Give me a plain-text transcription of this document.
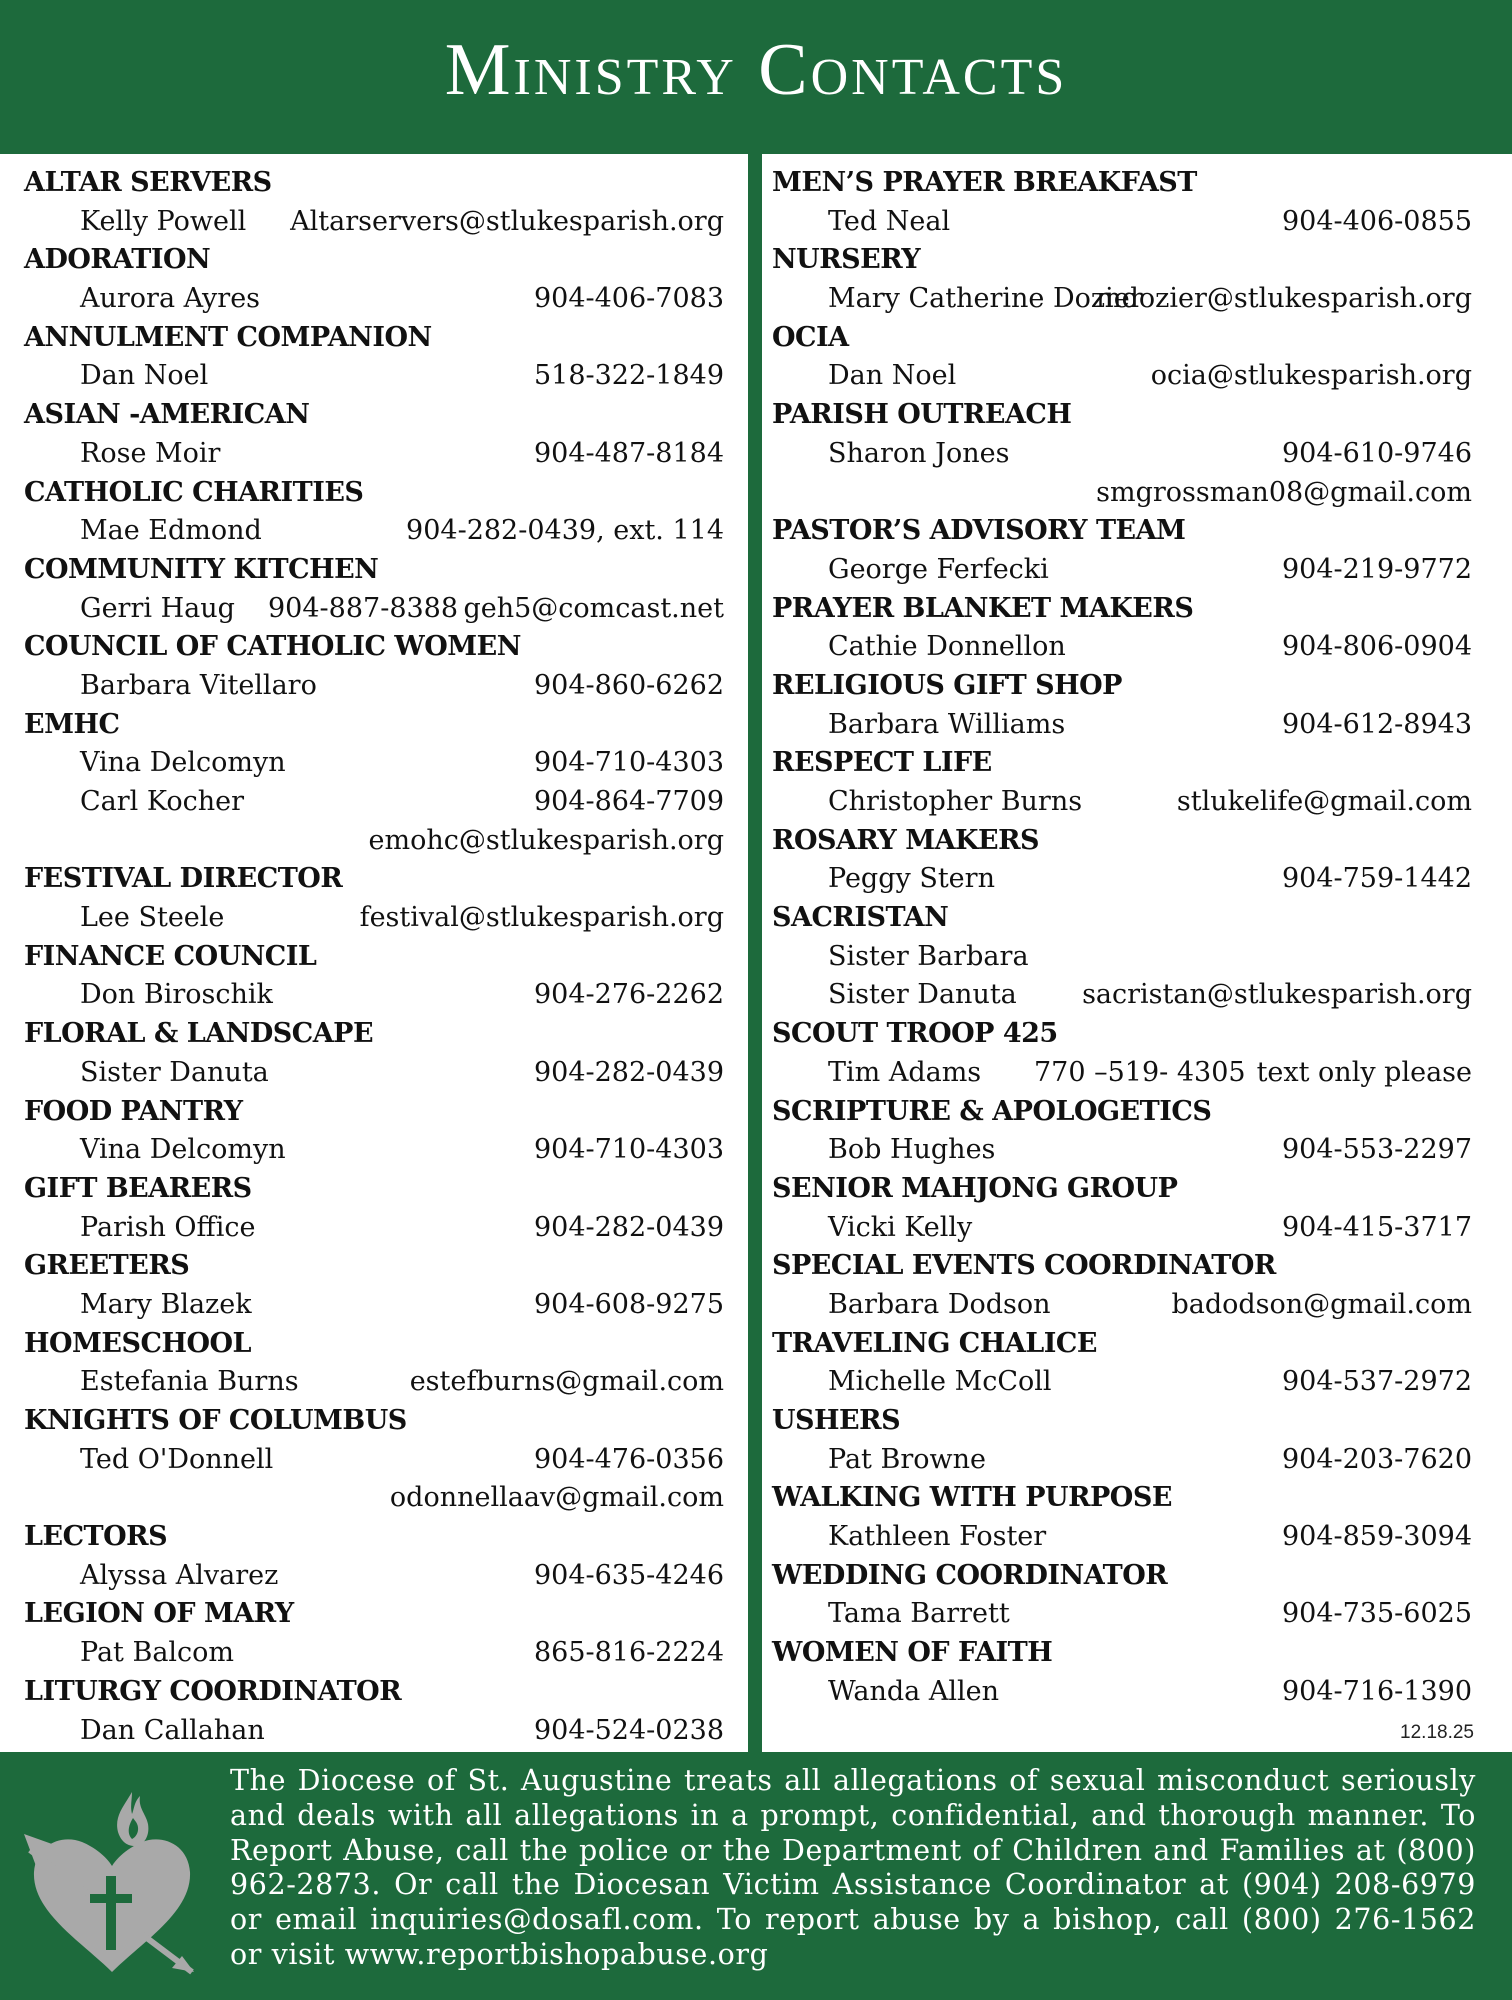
Ministry Contacts
ALTAR SERVERS
Kelly Powell Altarservers@stlukesparish.org
ADORATION
Aurora Ayres	904-406-7083
ANNULMENT COMPANION
Dan Noel	518-322-1849
ASIAN -AMERICAN
Rose Moir	904-487-8184
CATHOLIC CHARITIES
Mae Edmond	904-282-0439, ext. 114
COMMUNITY KITCHEN
Gerri Haug 904-887-8388 geh5@comcast.net
COUNCIL OF CATHOLIC WOMEN
Barbara Vitellaro	904-860-6262
EMHC
Vina Delcomyn	904-710-4303
Carl Kocher	904-864-7709
emohc@stlukesparish.org
FESTIVAL DIRECTOR
Lee Steele	festival@stlukesparish.org
FINANCE COUNCIL
Don Biroschik	904-276-2262
FLORAL & LANDSCAPE
Sister Danuta	904-282-0439
FOOD PANTRY
Vina Delcomyn	904-710-4303
GIFT BEARERS
Parish Office	904-282-0439
GREETERS
Mary Blazek	904-608-9275
HOMESCHOOL
Estefania Burns	estefburns@gmail.com
KNIGHTS OF COLUMBUS
Ted O'Donnell	904-476-0356
odonnellaav@gmail.com
LECTORS
Alyssa Alvarez	904-635-4246
LEGION OF MARY
Pat Balcom	865-816-2224
LITURGY COORDINATOR
Dan Callahan	904-524-0238
MEN’S PRAYER BREAKFAST
Ted Neal	904-406-0855
NURSERY
Mary Catherine Dozier
mdozier@stlukesparish.org
OCIA
Dan Noel	ocia@stlukesparish.org
PARISH OUTREACH
Sharon Jones	904-610-9746
smgrossman08@gmail.com
PASTOR’S ADVISORY TEAM
George Ferfecki	904-219-9772
PRAYER BLANKET MAKERS
Cathie Donnellon	904-806-0904
RELIGIOUS GIFT SHOP
Barbara Williams	904-612-8943
RESPECT LIFE
Christopher Burns	stlukelife@gmail.com
ROSARY MAKERS
Peggy Stern	904-759-1442
SACRISTAN
Sister Barbara
Sister Danuta sacristan@stlukesparish.org
SCOUT TROOP 425
Tim Adams 770 –519- 4305 text only please
SCRIPTURE & APOLOGETICS
Bob Hughes	904-553-2297
SENIOR MAHJONG GROUP
Vicki Kelly	904-415-3717
SPECIAL EVENTS COORDINATOR
Barbara Dodson	badodson@gmail.com
TRAVELING CHALICE
Michelle McColl	904-537-2972
USHERS
Pat Browne	904-203-7620
WALKING WITH PURPOSE
Kathleen Foster	904-859-3094
WEDDING COORDINATOR
Tama Barrett	904-735-6025
WOMEN OF FAITH
Wanda Allen	904-716-1390
12.18.25
The Diocese of St. Augustine treats all allegations of sexual misconduct seriously and deals with all allegations in a prompt, confidential, and thorough manner. To Report Abuse, call the police or the Department of Children and Families at (800) 962-2873. Or call the Diocesan Victim Assistance Coordinator at (904) 208-6979 or email inquiries@dosafl.com. To report abuse by a bishop, call (800) 276-1562 or visit www.reportbishopabuse.org
